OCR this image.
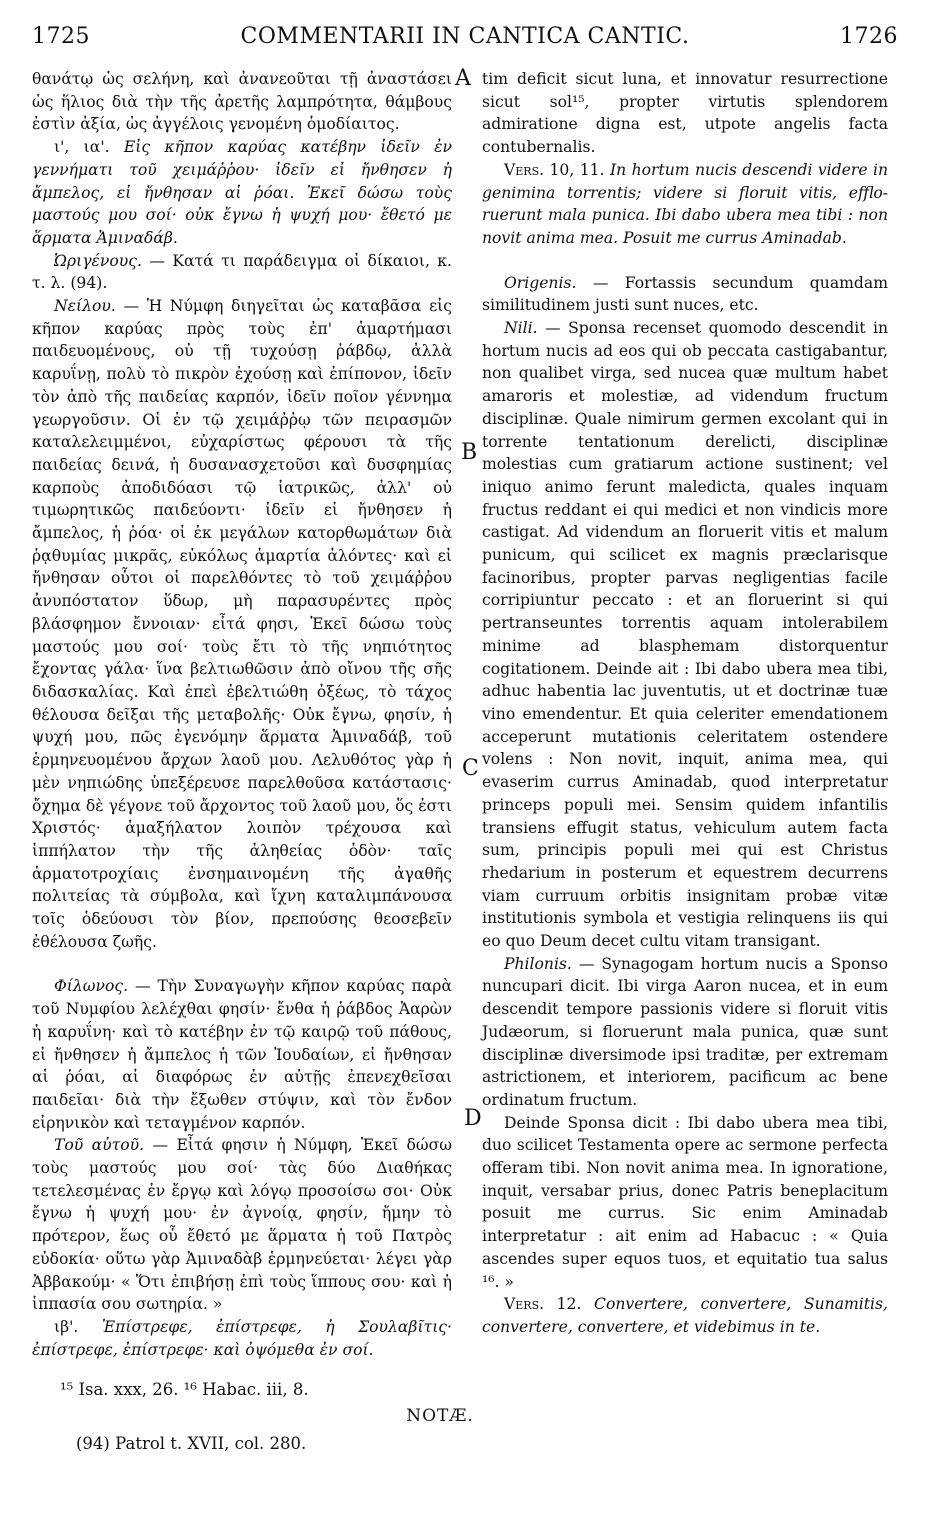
1725	COMMENTARII IN CANTICA CANTIC.	1726

θανάτῳ ὡς σελήνη, καὶ ἀνανεοῦται τῇ ἀναστάσει ὡς ἥλιος διὰ τὴν τῆς ἀρετῆς λαμπρότητα, θάμβους ἐστὶν ἀξία, ὡς ἀγγέλοις γενομένη ὁμοδίαιτος.

ι', ια'. Εἰς κῆπον καρύας κατέβην ἰδεῖν ἐν γεννήματι τοῦ χειμάῤῥου· ἰδεῖν εἰ ἤνθησεν ἡ ἄμπελος, εἰ ἤνθησαν αἱ ῥόαι. Ἐκεῖ δώσω τοὺς μαστούς μου σοί· οὐκ ἔγνω ἡ ψυχή μου· ἔθετό με ἅρματα Ἀμιναδάβ.

Ὠριγένους. — Κατά τι παράδειγμα οἱ δίκαιοι, κ. τ. λ. (94).

Νείλου. — Ἡ Νύμφη διηγεῖται ὡς καταβᾶσα εἰς κῆπον καρύας πρὸς τοὺς ἐπ' ἁμαρτήμασι παιδευομένους, οὐ τῇ τυχούσῃ ῥάβδῳ, ἀλλὰ καρυΐνῃ, πολὺ τὸ πικρὸν ἐχούσῃ καὶ ἐπίπονον, ἰδεῖν τὸν ἀπὸ τῆς παιδείας καρπόν, ἰδεῖν ποῖον γέννημα γεωργοῦσιν. Οἱ ἐν τῷ χειμάῤῥῳ τῶν πειρασμῶν καταλελειμμένοι, εὐχαρίστως φέρουσι τὰ τῆς παιδείας δεινά, ἡ δυσανασχετοῦσι καὶ δυσφημίας καρποὺς ἀποδιδόασι τῷ ἰατρικῶς, ἀλλ' οὐ τιμωρητικῶς παιδεύοντι· ἰδεῖν εἰ ἤνθησεν ἡ ἄμπελος, ἡ ῥόα· οἱ ἐκ μεγάλων κατορθωμάτων διὰ ῥᾳθυμίας μικρᾶς, εὐκόλως ἁμαρτία ἁλόντες· καὶ εἰ ἤνθησαν οὗτοι οἱ παρελθόντες τὸ τοῦ χειμάῤῥου ἀνυπόστατον ὕδωρ, μὴ παρασυρέντες πρὸς βλάσφημον ἔννοιαν· εἶτά φησι, Ἐκεῖ δώσω τοὺς μαστούς μου σοί· τοὺς ἔτι τὸ τῆς νηπιότητος ἔχοντας γάλα· ἵνα βελτιωθῶσιν ἀπὸ οἴνου τῆς σῆς διδασκαλίας. Καὶ ἐπεὶ ἐβελτιώθη ὀξέως, τὸ τάχος θέλουσα δεῖξαι τῆς μεταβολῆς· Οὐκ ἔγνω, φησίν, ἡ ψυχή μου, πῶς ἐγενόμην ἅρματα Ἀμιναδάβ, τοῦ ἑρμηνευομένου ἄρχων λαοῦ μου. Λελυθότος γὰρ ἡ μὲν νηπιώδης ὑπεξέρευσε παρελθοῦσα κατάστασις· ὄχημα δὲ γέγονε τοῦ ἄρχοντος τοῦ λαοῦ μου, ὅς ἐστι Χριστός· ἁμαξήλατον λοιπὸν τρέχουσα καὶ ἱππήλατον τὴν τῆς ἀληθείας ὁδὸν· ταῖς ἁρματοτροχίαις ἐνσημαινομένη τῆς ἀγαθῆς πολιτείας τὰ σύμβολα, καὶ ἴχνη καταλιμπάνουσα τοῖς ὁδεύουσι τὸν βίον, πρεπούσης θεοσεβεῖν ἐθέλουσα ζωῆς.

Φίλωνος. — Τὴν Συναγωγὴν κῆπον καρύας παρὰ τοῦ Νυμφίου λελέχθαι φησίν· ἔνθα ἡ ῥάβδος Ἀαρὼν ἡ καρυΐνη· καὶ τὸ κατέβην ἐν τῷ καιρῷ τοῦ πάθους, εἰ ἤνθησεν ἡ ἄμπελος ἡ τῶν Ἰουδαίων, εἰ ἤνθησαν αἱ ῥόαι, αἱ διαφόρως ἐν αὐτῇς ἐπενεχθεῖσαι παιδεῖαι· διὰ τὴν ἔξωθεν στύψιν, καὶ τὸν ἔνδον εἰρηνικὸν καὶ τεταγμένον καρπόν.

Τοῦ αὐτοῦ. — Εἶτά φησιν ἡ Νύμφη, Ἐκεῖ δώσω τοὺς μαστούς μου σοί· τὰς δύο Διαθήκας τετελεσμένας ἐν ἔργῳ καὶ λόγῳ προσοίσω σοι· Οὐκ ἔγνω ἡ ψυχή μου· ἐν ἀγνοίᾳ, φησίν, ἤμην τὸ πρότερον, ἕως οὗ ἔθετό με ἅρματα ἡ τοῦ Πατρὸς εὐδοκία· οὕτω γὰρ Ἀμιναδὰβ ἑρμηνεύεται· λέγει γὰρ Ἀββακούμ· « Ὅτι ἐπιβήσῃ ἐπὶ τοὺς ἵππους σου· καὶ ἡ ἱππασία σου σωτηρία. »

ιβ'. Ἐπίστρεφε, ἐπίστρεφε, ἡ Σουλαβῖτις· ἐπίστρεφε, ἐπίστρεφε· καὶ ὀψόμεθα ἐν σοί.

tim deficit sicut luna, et innovatur resurrectione sicut sol¹⁵, propter virtutis splendorem admiratione digna est, utpote angelis facta contubernalis.

Vers. 10, 11. In hortum nucis descendi videre in genimina torrentis; videre si floruit vitis, efflo-ruerunt mala punica. Ibi dabo ubera mea tibi : non novit anima mea. Posuit me currus Aminadab.

Origenis. — Fortassis secundum quamdam similitudinem justi sunt nuces, etc.

Nili. — Sponsa recenset quomodo descendit in hortum nucis ad eos qui ob peccata castigabantur, non qualibet virga, sed nucea quæ multum habet amaroris et molestiæ, ad videndum fructum disciplinæ. Quale nimirum germen excolant qui in torrente tentationum derelicti, disciplinæ molestias cum gratiarum actione sustinent; vel iniquo animo ferunt maledicta, quales inquam fructus reddant ei qui medici et non vindicis more castigat. Ad videndum an floruerit vitis et malum punicum, qui scilicet ex magnis præclarisque facinoribus, propter parvas negligentias facile corripiuntur peccato : et an floruerint si qui pertranseuntes torrentis aquam intolerabilem minime ad blasphemam distorquentur cogitationem. Deinde ait : Ibi dabo ubera mea tibi, adhuc habentia lac juventutis, ut et doctrinæ tuæ vino emendentur. Et quia celeriter emendationem acceperunt mutationis celeritatem ostendere volens : Non novit, inquit, anima mea, qui evaserim currus Aminadab, quod interpretatur princeps populi mei. Sensim quidem infantilis transiens effugit status, vehiculum autem facta sum, principis populi mei qui est Christus rhedarium in posterum et equestrem decurrens viam curruum orbitis insignitam probæ vitæ institutionis symbola et vestigia relinquens iis qui eo quo Deum decet cultu vitam transigant.

Philonis. — Synagogam hortum nucis a Sponso nuncupari dicit. Ibi virga Aaron nucea, et in eum descendit tempore passionis videre si floruit vitis Judæorum, si floruerunt mala punica, quæ sunt disciplinæ diversimode ipsi traditæ, per extremam astrictionem, et interiorem, pacificum ac bene ordinatum fructum.

Deinde Sponsa dicit : Ibi dabo ubera mea tibi, duo scilicet Testamenta opere ac sermone perfecta offeram tibi. Non novit anima mea. In ignoratione, inquit, versabar prius, donec Patris beneplacitum posuit me currus. Sic enim Aminadab interpretatur : ait enim ad Habacuc : « Quia ascendes super equos tuos, et equitatio tua salus ¹⁶. »

Vers. 12. Convertere, convertere, Sunamitis, convertere, convertere, et videbimus in te.

A
B
C
D
¹⁵ Isa. xxx, 26. ¹⁶ Habac. iii, 8.
NOTÆ.
(94) Patrol t. XVII, col. 280.
